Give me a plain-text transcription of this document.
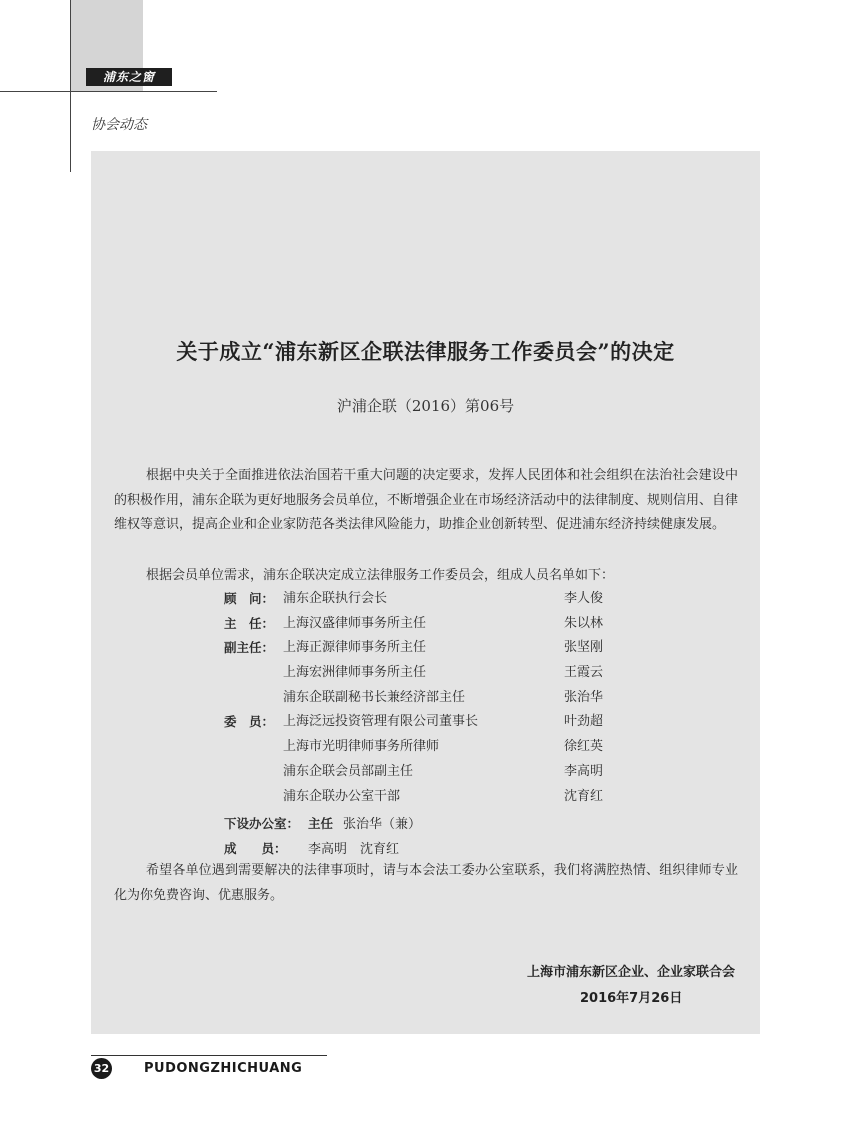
浦东之窗
协会动态
关于成立“浦东新区企联法律服务工作委员会”的决定
沪浦企联（2016）第06号
根据中央关于全面推进依法治国若干重大问题的决定要求，发挥人民团体和社会组织在法治社会建设中的积极作用，浦东企联为更好地服务会员单位，不断增强企业在市场经济活动中的法律制度、规则信用、自律维权等意识，提高企业和企业家防范各类法律风险能力，助推企业创新转型、促进浦东经济持续健康发展。
根据会员单位需求，浦东企联决定成立法律服务工作委员会，组成人员名单如下：
顾　问： 浦东企联执行会长	李人俊
主　任： 上海汉盛律师事务所主任	朱以林
副主任： 上海正源律师事务所主任	张坚刚
上海宏洲律师事务所主任	王霞云
浦东企联副秘书长兼经济部主任	张治华
委　员： 上海泛远投资管理有限公司董事长	叶劲超
上海市光明律师事务所律师	徐红英
浦东企联会员部副主任	李高明
浦东企联办公室干部	沈育红
下设办公室： 主任 张治华（兼）
成　　员： 李高明　沈育红
希望各单位遇到需要解决的法律事项时，请与本会法工委办公室联系，我们将满腔热情、组织律师专业化为你免费咨询、优惠服务。
上海市浦东新区企业、企业家联合会
2016年7月26日
32	PUDONGZHICHUANG
